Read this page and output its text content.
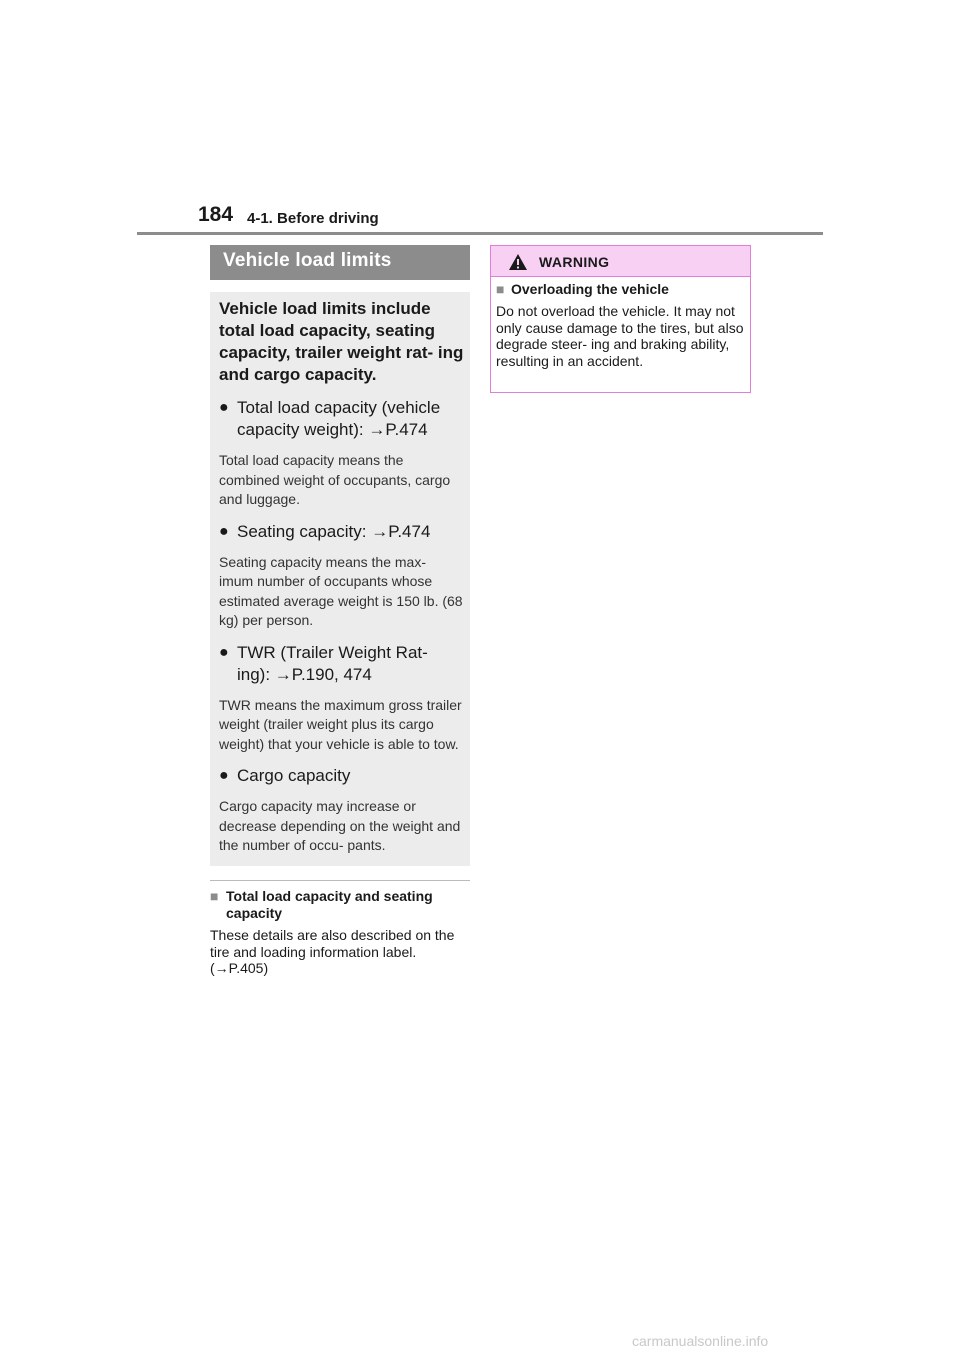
184 4-1. Before driving
Vehicle load limits
Vehicle load limits include total load capacity, seating capacity, trailer weight rat- ing and cargo capacity.
● Total load capacity (vehicle capacity weight): →P.474
Total load capacity means the combined weight of occupants, cargo and luggage.
● Seating capacity: →P.474
Seating capacity means the max- imum number of occupants whose estimated average weight is 150 lb. (68 kg) per person.
● TWR (Trailer Weight Rat- ing): →P.190, 474
TWR means the maximum gross trailer weight (trailer weight plus its cargo weight) that your vehicle is able to tow.
● Cargo capacity
Cargo capacity may increase or decrease depending on the weight and the number of occu- pants.
■ Total load capacity and seating capacity
These details are also described on the tire and loading information label. (→P.405)
WARNING
■ Overloading the vehicle
Do not overload the vehicle. It may not only cause damage to the tires, but also degrade steer- ing and braking ability, resulting in an accident.
carmanualsonline.info
